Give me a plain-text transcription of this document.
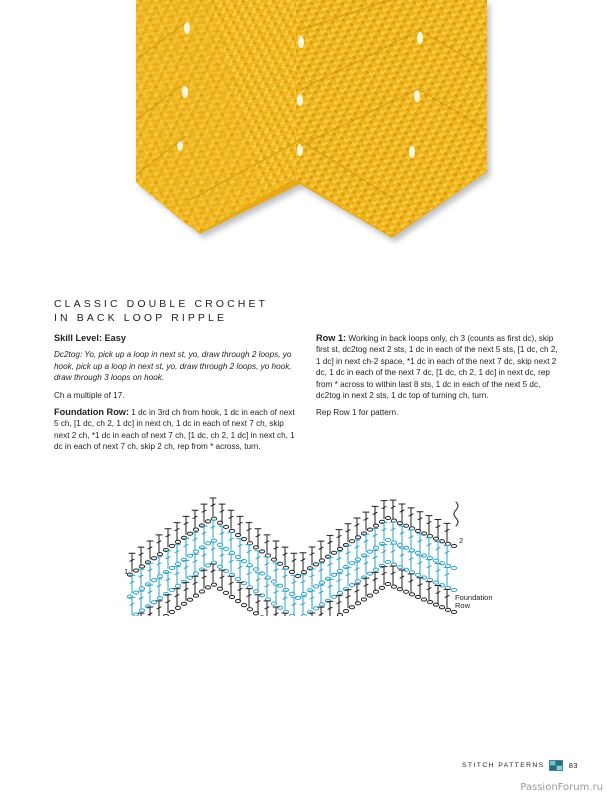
CLASSIC DOUBLE CROCHET
IN BACK LOOP RIPPLE

Skill Level: Easy

Dc2tog: Yo, pick up a loop in next st, yo, draw through 2 loops, yo hook, pick up a loop in next st, yo, draw through 2 loops, yo hook, draw through 3 loops on hook.

Ch a multiple of 17.

Foundation Row: 1 dc in 3rd ch from hook, 1 dc in each of next 5 ch, [1 dc, ch 2, 1 dc] in next ch, 1 dc in each of next 7 ch, skip next 2 ch, *1 dc in each of next 7 ch, [1 dc, ch 2, 1 dc] in next ch, 1 dc in each of next 7 ch, skip 2 ch, rep from * across, turn.

Row 1: Working in back loops only, ch 3 (counts as first dc), skip first st, dc2tog next 2 sts, 1 dc in each of the next 5 sts, [1 dc, ch 2, 1 dc] in next ch-2 space, *1 dc in each of the next 7 dc, skip next 2 dc, 1 dc in each of the next 7 dc, [1 dc, ch 2, 1 dc] in next dc, rep from * across to within last 8 sts, 1 dc in each of the next 5 dc, dc2tog in next 2 sts, 1 dc top of turning ch, turn.

Rep Row 1 for pattern.

2
1
Foundation
Row
STITCH PATTERNS	83
PassionForum.ru
